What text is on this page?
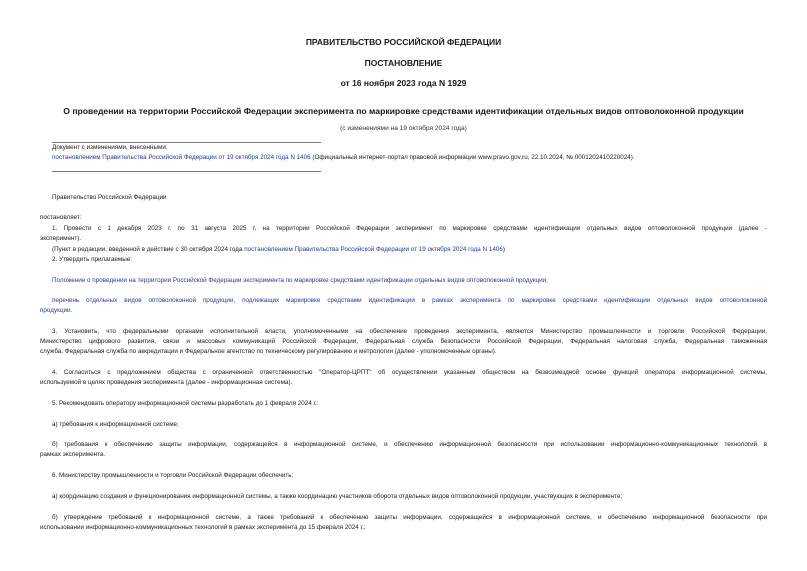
ПРАВИТЕЛЬСТВО РОССИЙСКОЙ ФЕДЕРАЦИИ

ПОСТАНОВЛЕНИЕ

от 16 ноября 2023 года N 1929

О проведении на территории Российской Федерации эксперимента по маркировке средствами идентификации отдельных видов оптоволоконной продукции

(с изменениями на 19 октября 2024 года)

Документ с изменениями, внесенными:

постановлением Правительства Российской Федерации от 19 октября 2024 года N 1406 (Официальный интернет-портал правовой информации www.pravo.gov.ru, 22.10.2024, № 0001202410220024).

Правительство Российской Федерации

постановляет:

1. Провести с 1 декабря 2023 г. по 31 августа 2025 г. на территории Российской Федерации эксперимент по маркировке средствами идентификации отдельных видов оптоволоконной продукции (далее -

эксперимент).

(Пункт в редакции, введенной в действие с 30 октября 2024 года постановлением Правительства Российской Федерации от 19 октября 2024 года N 1406)

2. Утвердить прилагаемые:

Положение о проведении на территории Российской Федерации эксперимента по маркировке средствами идентификации отдельных видов оптоволоконной продукции;

перечень отдельных видов оптоволоконной продукции, подлежащих маркировке средствами идентификации в рамках эксперимента по маркировке средствами идентификации отдельных видов оптоволоконной

продукции.

3. Установить, что федеральными органами исполнительной власти, уполномоченными на обеспечение проведения эксперимента, являются Министерство промышленности и торговли Российской Федерации,

Министерство цифрового развития, связи и массовых коммуникаций Российской Федерации, Федеральная служба безопасности Российской Федерации, Федеральная налоговая служба, Федеральная таможенная

служба, Федеральная служба по аккредитации и Федеральное агентство по техническому регулированию и метрологии (далее - уполномоченные органы).

4. Согласиться с предложением общества с ограниченной ответственностью "Оператор-ЦРПТ" об осуществлении указанным обществом на безвозмездной основе функций оператора информационной системы,

используемой в целях проведения эксперимента (далее - информационная система).

5. Рекомендовать оператору информационной системы разработать до 1 февраля 2024 г.:

а) требования к информационной системе;

б) требования к обеспечению защиты информации, содержащейся в информационной системе, и обеспечению информационной безопасности при использовании информационно-коммуникационных технологий в

рамках эксперимента.

6. Министерству промышленности и торговли Российской Федерации обеспечить:

а) координацию создания и функционирования информационной системы, а также координацию участников оборота отдельных видов оптоволоконной продукции, участвующих в эксперименте;

б) утверждение требований к информационной системе, а также требований к обеспечению защиты информации, содержащейся в информационной системе, и обеспечению информационной безопасности при

использовании информационно-коммуникационных технологий в рамках эксперимента до 15 февраля 2024 г.;
